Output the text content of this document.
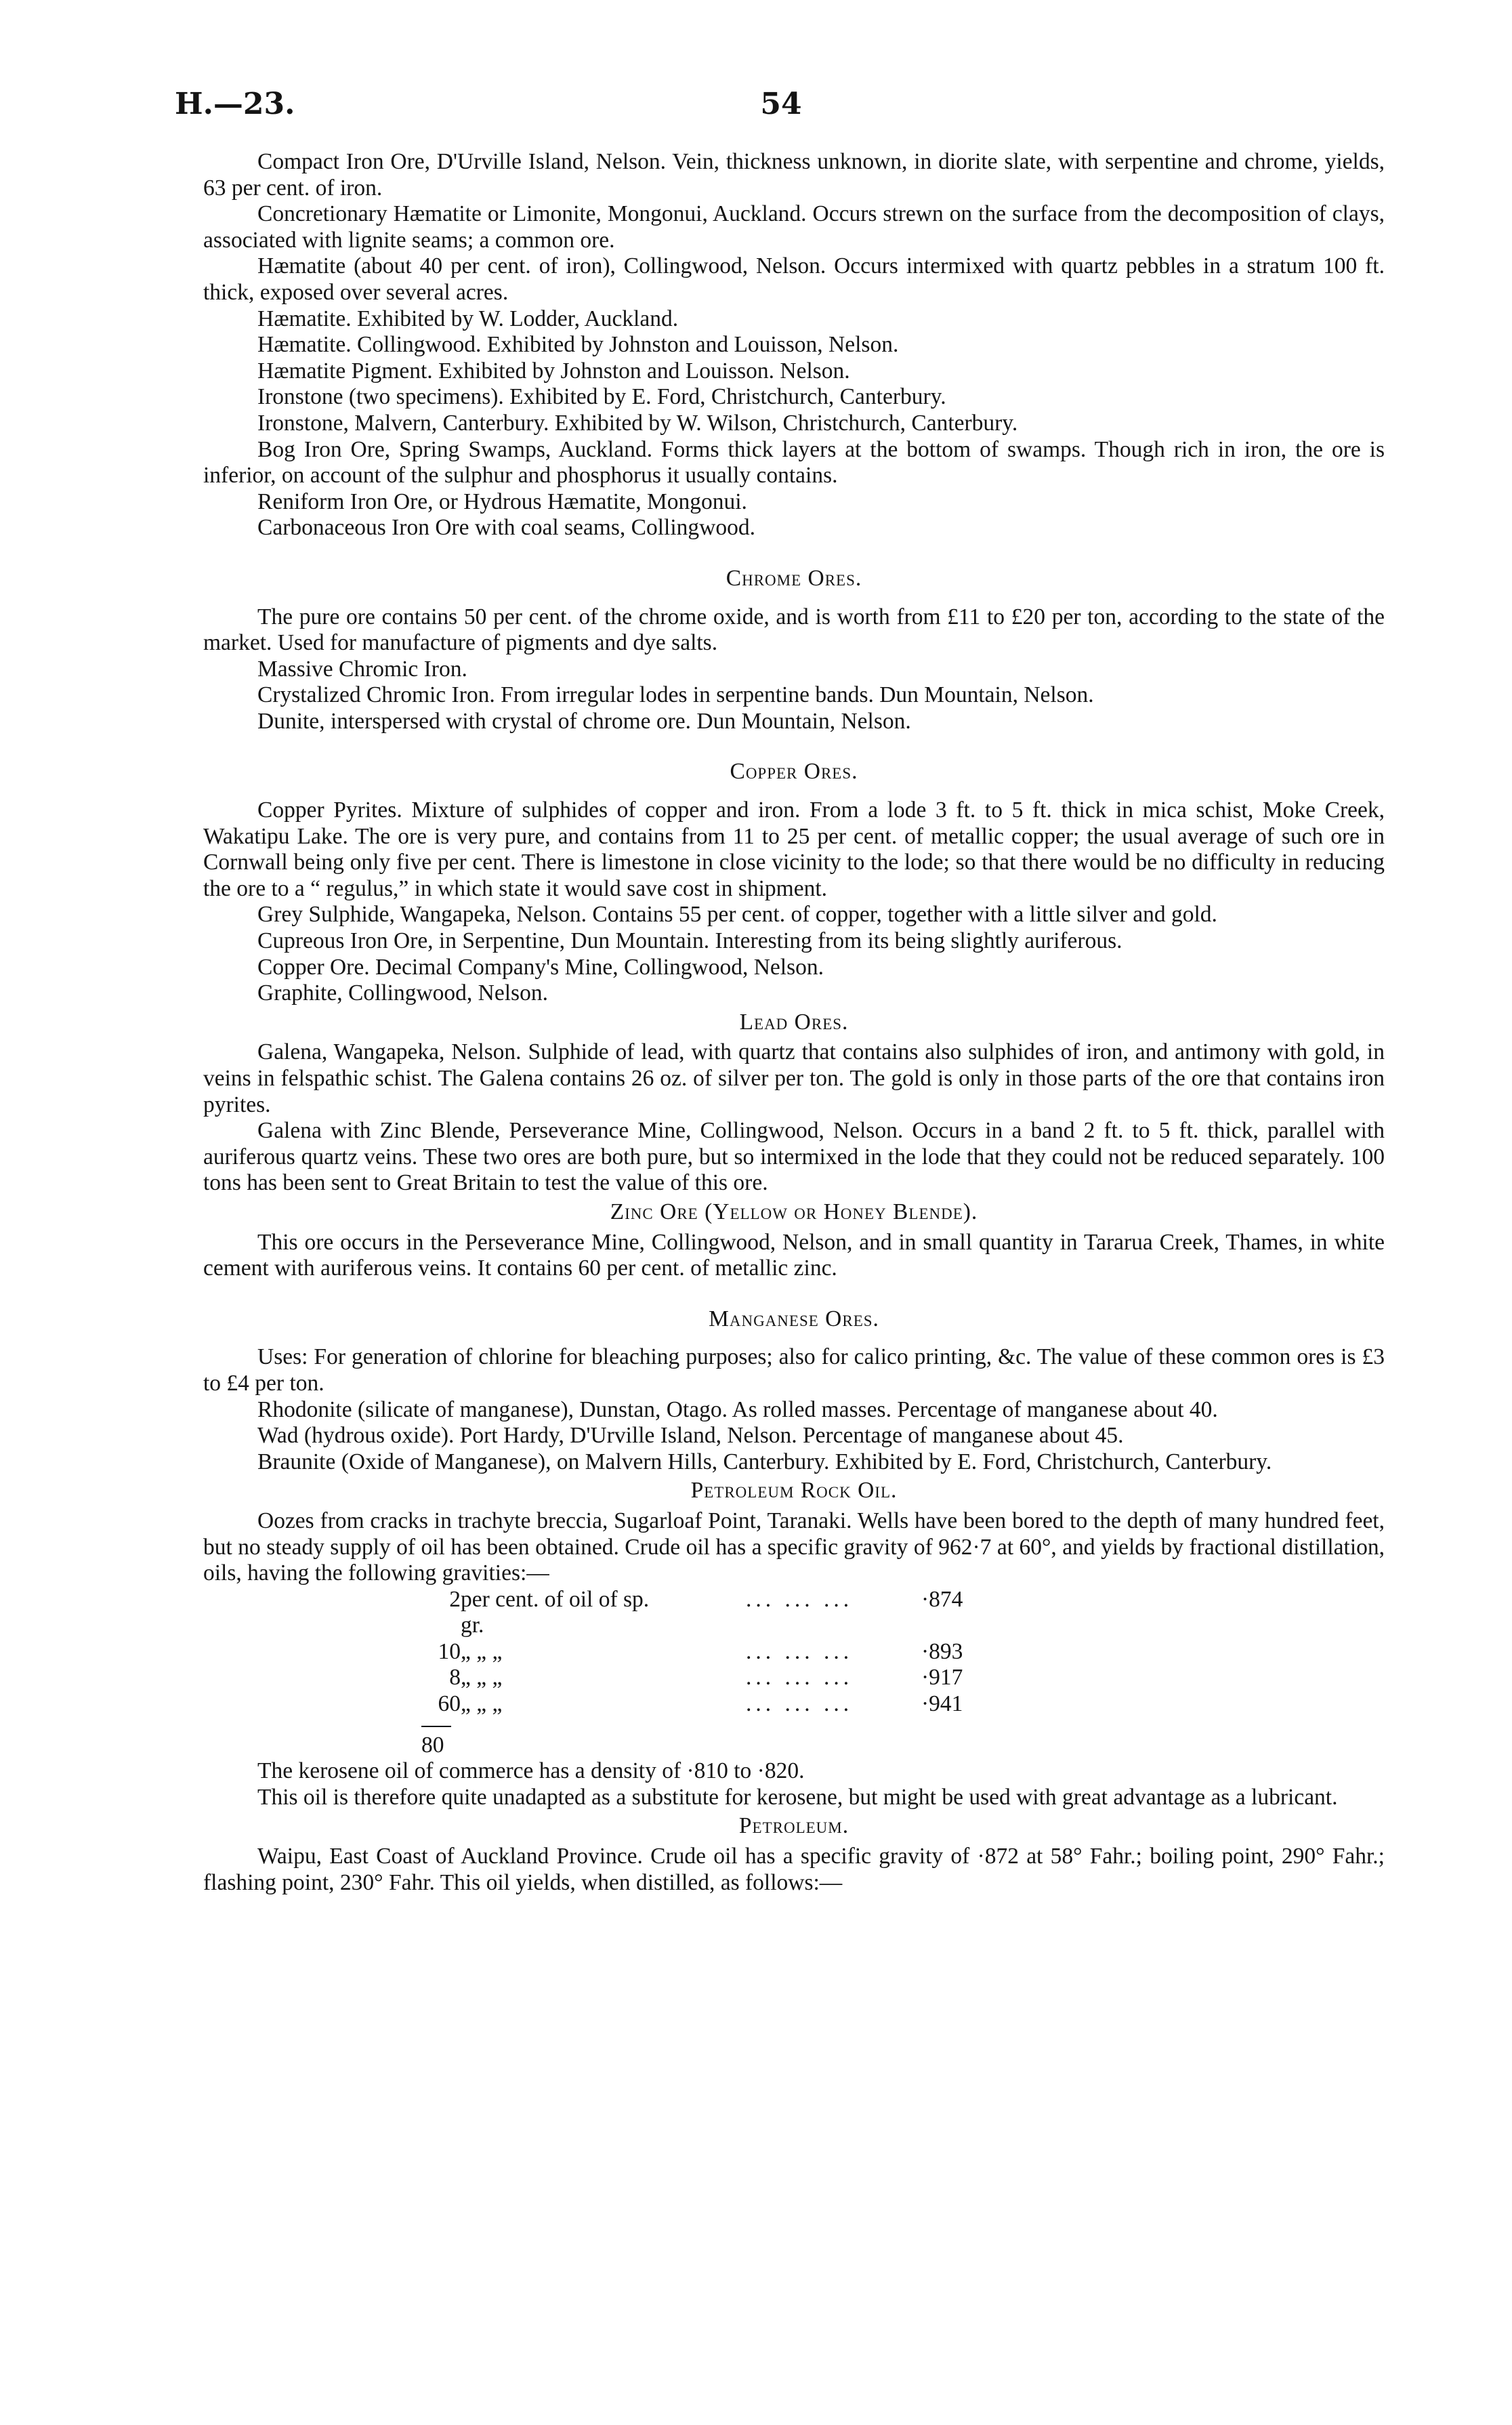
H.—23.	54

Compact Iron Ore, D'Urville Island, Nelson. Vein, thickness unknown, in diorite slate, with serpentine and chrome, yields, 63 per cent. of iron.

Concretionary Hæmatite or Limonite, Mongonui, Auckland. Occurs strewn on the surface from the decomposition of clays, associated with lignite seams; a common ore.

Hæmatite (about 40 per cent. of iron), Collingwood, Nelson. Occurs intermixed with quartz pebbles in a stratum 100 ft. thick, exposed over several acres.

Hæmatite. Exhibited by W. Lodder, Auckland.

Hæmatite. Collingwood. Exhibited by Johnston and Louisson, Nelson.

Hæmatite Pigment. Exhibited by Johnston and Louisson. Nelson.

Ironstone (two specimens). Exhibited by E. Ford, Christchurch, Canterbury.

Ironstone, Malvern, Canterbury. Exhibited by W. Wilson, Christchurch, Canterbury.

Bog Iron Ore, Spring Swamps, Auckland. Forms thick layers at the bottom of swamps. Though rich in iron, the ore is inferior, on account of the sulphur and phosphorus it usually contains.

Reniform Iron Ore, or Hydrous Hæmatite, Mongonui.

Carbonaceous Iron Ore with coal seams, Collingwood.

Chrome Ores.

The pure ore contains 50 per cent. of the chrome oxide, and is worth from £11 to £20 per ton, according to the state of the market. Used for manufacture of pigments and dye salts.

Massive Chromic Iron.

Crystalized Chromic Iron. From irregular lodes in serpentine bands. Dun Mountain, Nelson.

Dunite, interspersed with crystal of chrome ore. Dun Mountain, Nelson.

Copper Ores.

Copper Pyrites. Mixture of sulphides of copper and iron. From a lode 3 ft. to 5 ft. thick in mica schist, Moke Creek, Wakatipu Lake. The ore is very pure, and contains from 11 to 25 per cent. of metallic copper; the usual average of such ore in Cornwall being only five per cent. There is limestone in close vicinity to the lode; so that there would be no difficulty in reducing the ore to a “ regulus,” in which state it would save cost in shipment.

Grey Sulphide, Wangapeka, Nelson. Contains 55 per cent. of copper, together with a little silver and gold.

Cupreous Iron Ore, in Serpentine, Dun Mountain. Interesting from its being slightly auriferous.

Copper Ore. Decimal Company's Mine, Collingwood, Nelson.

Graphite, Collingwood, Nelson.

Lead Ores.

Galena, Wangapeka, Nelson. Sulphide of lead, with quartz that contains also sulphides of iron, and antimony with gold, in veins in felspathic schist. The Galena contains 26 oz. of silver per ton. The gold is only in those parts of the ore that contains iron pyrites.

Galena with Zinc Blende, Perseverance Mine, Collingwood, Nelson. Occurs in a band 2 ft. to 5 ft. thick, parallel with auriferous quartz veins. These two ores are both pure, but so intermixed in the lode that they could not be reduced separately. 100 tons has been sent to Great Britain to test the value of this ore.

Zinc Ore (Yellow or Honey Blende).

This ore occurs in the Perseverance Mine, Collingwood, Nelson, and in small quantity in Tararua Creek, Thames, in white cement with auriferous veins. It contains 60 per cent. of metallic zinc.

Manganese Ores.

Uses: For generation of chlorine for bleaching purposes; also for calico printing, &c. The value of these common ores is £3 to £4 per ton.

Rhodonite (silicate of manganese), Dunstan, Otago. As rolled masses. Percentage of manganese about 40.

Wad (hydrous oxide). Port Hardy, D'Urville Island, Nelson. Percentage of manganese about 45.

Braunite (Oxide of Manganese), on Malvern Hills, Canterbury. Exhibited by E. Ford, Christchurch, Canterbury.

Petroleum Rock Oil.

Oozes from cracks in trachyte breccia, Sugarloaf Point, Taranaki. Wells have been bored to the depth of many hundred feet, but no steady supply of oil has been obtained. Crude oil has a specific gravity of 962·7 at 60°, and yields by fractional distillation, oils, having the following gravities:—

2	per cent. of oil of sp. gr.	... ... ...	·874
10	„ „ „	... ... ...	·893
8	„ „ „	... ... ...	·917
60	„ „ „	... ... ...	·941
80

The kerosene oil of commerce has a density of ·810 to ·820.

This oil is therefore quite unadapted as a substitute for kerosene, but might be used with great advantage as a lubricant.

Petroleum.

Waipu, East Coast of Auckland Province. Crude oil has a specific gravity of ·872 at 58° Fahr.; boiling point, 290° Fahr.; flashing point, 230° Fahr. This oil yields, when distilled, as follows:—
